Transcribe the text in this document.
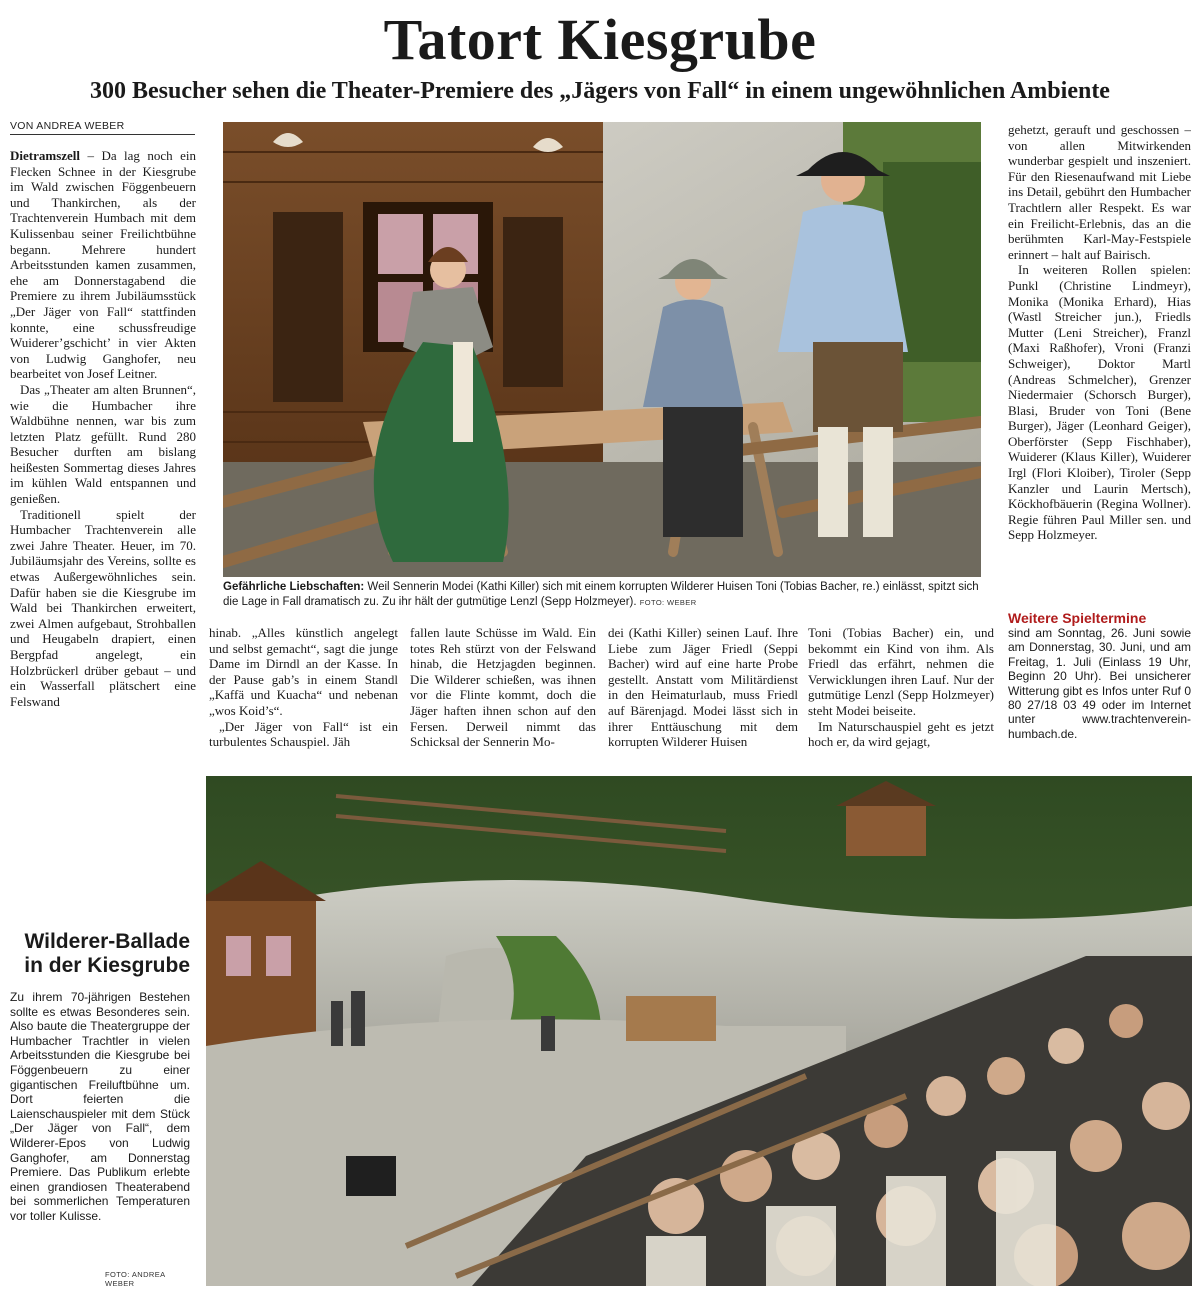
Tatort Kiesgrube
300 Besucher sehen die Theater-Premiere des „Jägers von Fall“ in einem ungewöhnlichen Ambiente
VON ANDREA WEBER

Dietramszell – Da lag noch ein Flecken Schnee in der Kiesgrube im Wald zwischen Föggenbeuern und Thankirchen, als der Trachtenverein Humbach mit dem Kulissenbau seiner Freilichtbühne begann. Mehrere hundert Arbeitsstunden kamen zusammen, ehe am Donnerstagabend die Premiere zu ihrem Jubiläumsstück „Der Jäger von Fall“ stattfinden konnte, eine schussfreudige Wuiderer’gschicht’ in vier Akten von Ludwig Ganghofer, neu bearbeitet von Josef Leitner.

Das „Theater am alten Brunnen“, wie die Humbacher ihre Waldbühne nennen, war bis zum letzten Platz gefüllt. Rund 280 Besucher durften am bislang heißesten Sommertag dieses Jahres im kühlen Wald entspannen und genießen.

Traditionell spielt der Humbacher Trachtenverein alle zwei Jahre Theater. Heuer, im 70. Jubiläumsjahr des Vereins, sollte es etwas Außergewöhnliches sein. Dafür haben sie die Kiesgrube im Wald bei Thankirchen erweitert, zwei Almen aufgebaut, Strohballen und Heugabeln drapiert, einen Bergpfad angelegt, ein Holzbrückerl drüber gebaut – und ein Wasserfall plätschert eine Felswand

Gefährliche Liebschaften: Weil Sennerin Modei (Kathi Killer) sich mit einem korrupten Wilderer Huisen Toni (Tobias Bacher, re.) einlässt, spitzt sich die Lage in Fall dramatisch zu. Zu ihr hält der gutmütige Lenzl (Sepp Holzmeyer). FOTO: WEBER

hinab. „Alles künstlich angelegt und selbst gemacht“, sagt die junge Dame im Dirndl an der Kasse. In der Pause gab’s in einem Standl „Kaffä und Kuacha“ und nebenan „wos Koid’s“.

„Der Jäger von Fall“ ist ein turbulentes Schauspiel. Jäh

fallen laute Schüsse im Wald. Ein totes Reh stürzt von der Felswand hinab, die Hetzjagden beginnen. Die Wilderer schießen, was ihnen vor die Flinte kommt, doch die Jäger haften ihnen schon auf den Fersen. Derweil nimmt das Schicksal der Sennerin Mo-

dei (Kathi Killer) seinen Lauf. Ihre Liebe zum Jäger Friedl (Seppi Bacher) wird auf eine harte Probe gestellt. Anstatt vom Militärdienst in den Heimaturlaub, muss Friedl auf Bärenjagd. Modei lässt sich in ihrer Enttäuschung mit dem korrupten Wilderer Huisen

Toni (Tobias Bacher) ein, und bekommt ein Kind von ihm. Als Friedl das erfährt, nehmen die Verwicklungen ihren Lauf. Nur der gutmütige Lenzl (Sepp Holzmeyer) steht Modei beiseite.

Im Naturschauspiel geht es jetzt hoch er, da wird gejagt,

gehetzt, gerauft und geschossen – von allen Mitwirkenden wunderbar gespielt und inszeniert. Für den Riesenaufwand mit Liebe ins Detail, gebührt den Humbacher Trachtlern aller Respekt. Es war ein Freilicht-Erlebnis, das an die berühmten Karl-May-Festspiele erinnert – halt auf Bairisch.

In weiteren Rollen spielen: Punkl (Christine Lindmeyr), Monika (Monika Erhard), Hias (Wastl Streicher jun.), Friedls Mutter (Leni Streicher), Franzl (Maxi Raßhofer), Vroni (Franzi Schweiger), Doktor Martl (Andreas Schmelcher), Grenzer Niedermaier (Schorsch Burger), Blasi, Bruder von Toni (Bene Burger), Jäger (Leonhard Geiger), Oberförster (Sepp Fischhaber), Wuiderer (Klaus Killer), Wuiderer Irgl (Flori Kloiber), Tiroler (Sepp Kanzler und Laurin Mertsch), Köckhofbäuerin (Regina Wollner). Regie führen Paul Miller sen. und Sepp Holzmeyer.

Weitere Spieltermine
sind am Sonntag, 26. Juni sowie am Donnerstag, 30. Juni, und am Freitag, 1. Juli (Einlass 19 Uhr, Beginn 20 Uhr). Bei unsicherer Witterung gibt es Infos unter Ruf 0 80 27/18 03 49 oder im Internet unter www.trachtenverein-humbach.de.
Wilderer-Ballade
in der Kiesgrube
Zu ihrem 70-jährigen Bestehen sollte es etwas Besonderes sein. Also baute die Theatergruppe der Humbacher Trachtler in vielen Arbeitsstunden die Kiesgrube bei Föggenbeuern zu einer gigantischen Freiluftbühne um. Dort feierten die Laienschauspieler mit dem Stück „Der Jäger von Fall“, dem Wilderer-Epos von Ludwig Ganghofer, am Donnerstag Premiere. Das Publikum erlebte einen grandiosen Theaterabend bei sommerlichen Temperaturen vor toller Kulisse.
FOTO: ANDREA WEBER
